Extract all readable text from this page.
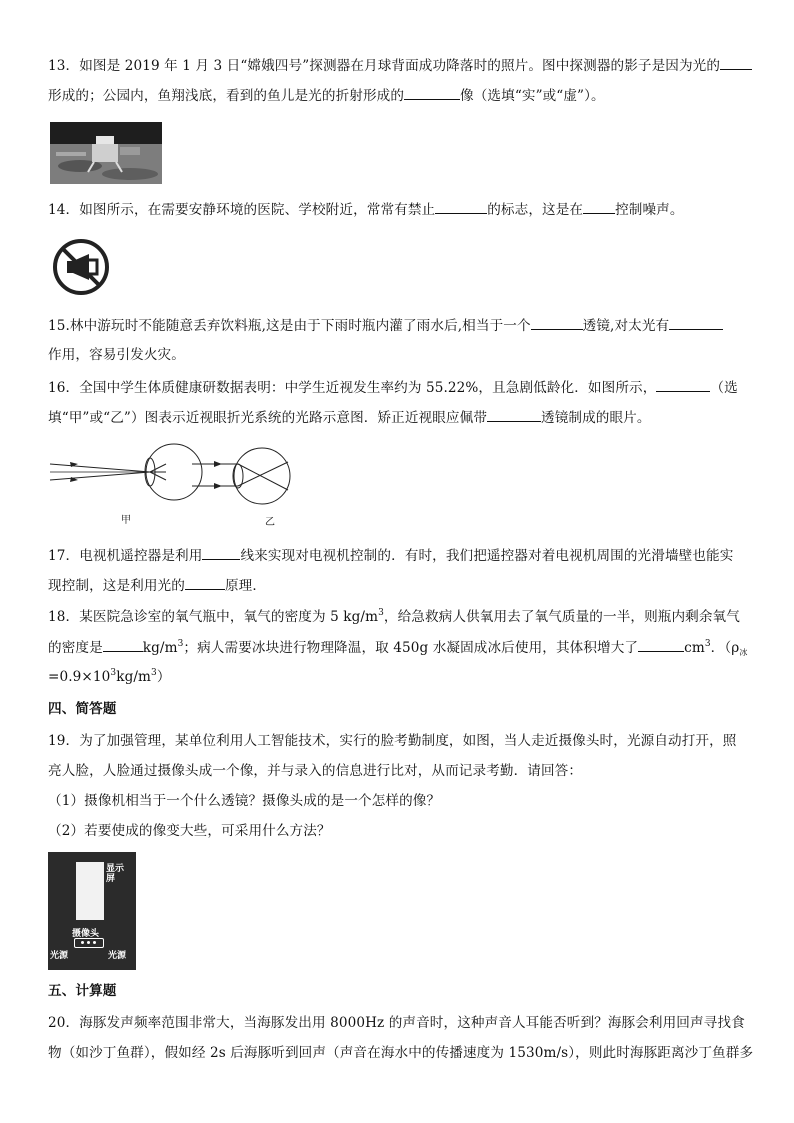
13．如图是 2019 年 1 月 3 日“嫦娥四号”探测器在月球背面成功降落时的照片。图中探测器的影子是因为光的
形成的；公园内，鱼翔浅底，看到的鱼儿是光的折射形成的	像（选填“实”或“虚”）。
14．如图所示，在需要安静环境的医院、学校附近，常常有禁止	的标志，这是在 控制噪声。
15.林中游玩时不能随意丢弃饮料瓶,这是由于下雨时瓶内灌了雨水后,相当于一个	透镜,对太光有
作用，容易引发火灾。
16．全国中学生体质健康研数据表明：中学生近视发生率约为 55.22%，且急剧低龄化．如图所示，	（选
填“甲”或“乙”）图表示近视眼折光系统的光路示意图．矫正近视眼应佩带	透镜制成的眼片。
甲	乙
17．电视机遥控器是利用	线来实现对电视机控制的．有时，我们把遥控器对着电视机周围的光滑墙壁也能实
现控制，这是利用光的	原理．
18．某医院急诊室的氧气瓶中，氧气的密度为 5 $kg/m^3$，给急救病人供氧用去了氧气质量的一半，则瓶内剩余氧气
的密度是	$kg/m^3$；病人需要冰块进行物理降温，取 450g 水凝固成冰后使用，其体积增大了	$cm^3$．（$\rho_冰$
$=0.9\times 10^3kg/m^3$）
四、简答题
19．为了加强管理，某单位利用人工智能技术，实行的脸考勤制度，如图，当人走近摄像头时，光源自动打开，照
亮人脸，人脸通过摄像头成一个像，并与录入的信息进行比对，从而记录考勤．请回答：
（1）摄像机相当于一个什么透镜？摄像头成的是一个怎样的像？
（2）若要使成的像变大些，可采用什么方法？
显示屏
摄像头
光源	光源
五、计算题
20．海豚发声频率范围非常大，当海豚发出用 8000Hz 的声音时，这种声音人耳能否听到？海豚会利用回声寻找食
物（如沙丁鱼群），假如经 2s 后海豚听到回声（声音在海水中的传播速度为 1530m/s），则此时海豚距离沙丁鱼群多
